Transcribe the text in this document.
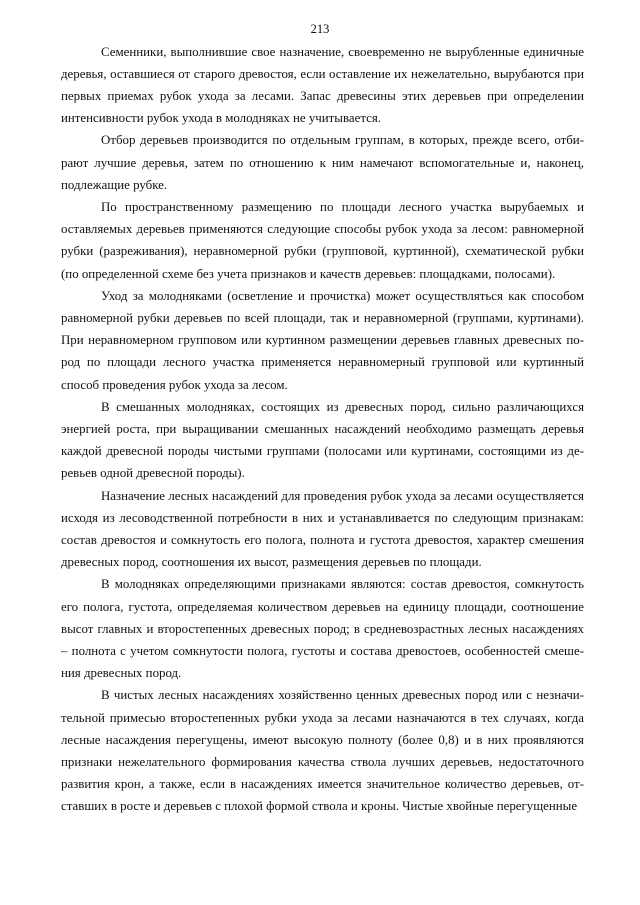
213

Семенники, выполнившие свое назначение, своевременно не вырубленные единичные деревья, оставшиеся от старого древостоя, если оставление их нежелательно, вырубаются при первых приемах рубок ухода за лесами. Запас древесины этих деревьев при определении интенсивности рубок ухода в молодняках не учитывается.

Отбор деревьев производится по отдельным группам, в которых, прежде всего, отбирают лучшие деревья, затем по отношению к ним намечают вспомогательные и, наконец, подлежащие рубке.

По пространственному размещению по площади лесного участка вырубаемых и оставляемых деревьев применяются следующие способы рубок ухода за лесом: равномерной рубки (разреживания), неравномерной рубки (групповой, куртинной), схематической рубки (по определенной схеме без учета признаков и качеств деревьев: площадками, полосами).

Уход за молодняками (осветление и прочистка) может осуществляться как способом равномерной рубки деревьев по всей площади, так и неравномерной (группами, куртинами). При неравномерном групповом или куртинном размещении деревьев главных древесных пород по площади лесного участка применяется неравномерный групповой или куртинный способ проведения рубок ухода за лесом.

В смешанных молодняках, состоящих из древесных пород, сильно различающихся энергией роста, при выращивании смешанных насаждений необходимо размещать деревья каждой древесной породы чистыми группами (полосами или куртинами, состоящими из деревьев одной древесной породы).

Назначение лесных насаждений для проведения рубок ухода за лесами осуществляется исходя из лесоводственной потребности в них и устанавливается по следующим признакам: состав древостоя и сомкнутость его полога, полнота и густота древостоя, характер смешения древесных пород, соотношения их высот, размещения деревьев по площади.

В молодняках определяющими признаками являются: состав древостоя, сомкнутость его полога, густота, определяемая количеством деревьев на единицу площади, соотношение высот главных и второстепенных древесных пород; в средневозрастных лесных насаждениях – полнота с учетом сомкнутости полога, густоты и состава древостоев, особенностей смешения древесных пород.

В чистых лесных насаждениях хозяйственно ценных древесных пород или с незначительной примесью второстепенных рубки ухода за лесами назначаются в тех случаях, когда лесные насаждения перегущены, имеют высокую полноту (более 0,8) и в них проявляются признаки нежелательного формирования качества ствола лучших деревьев, недостаточного развития крон, а также, если в насаждениях имеется значительное количество деревьев, отставших в росте и деревьев с плохой формой ствола и кроны. Чистые хвойные перегущенные
